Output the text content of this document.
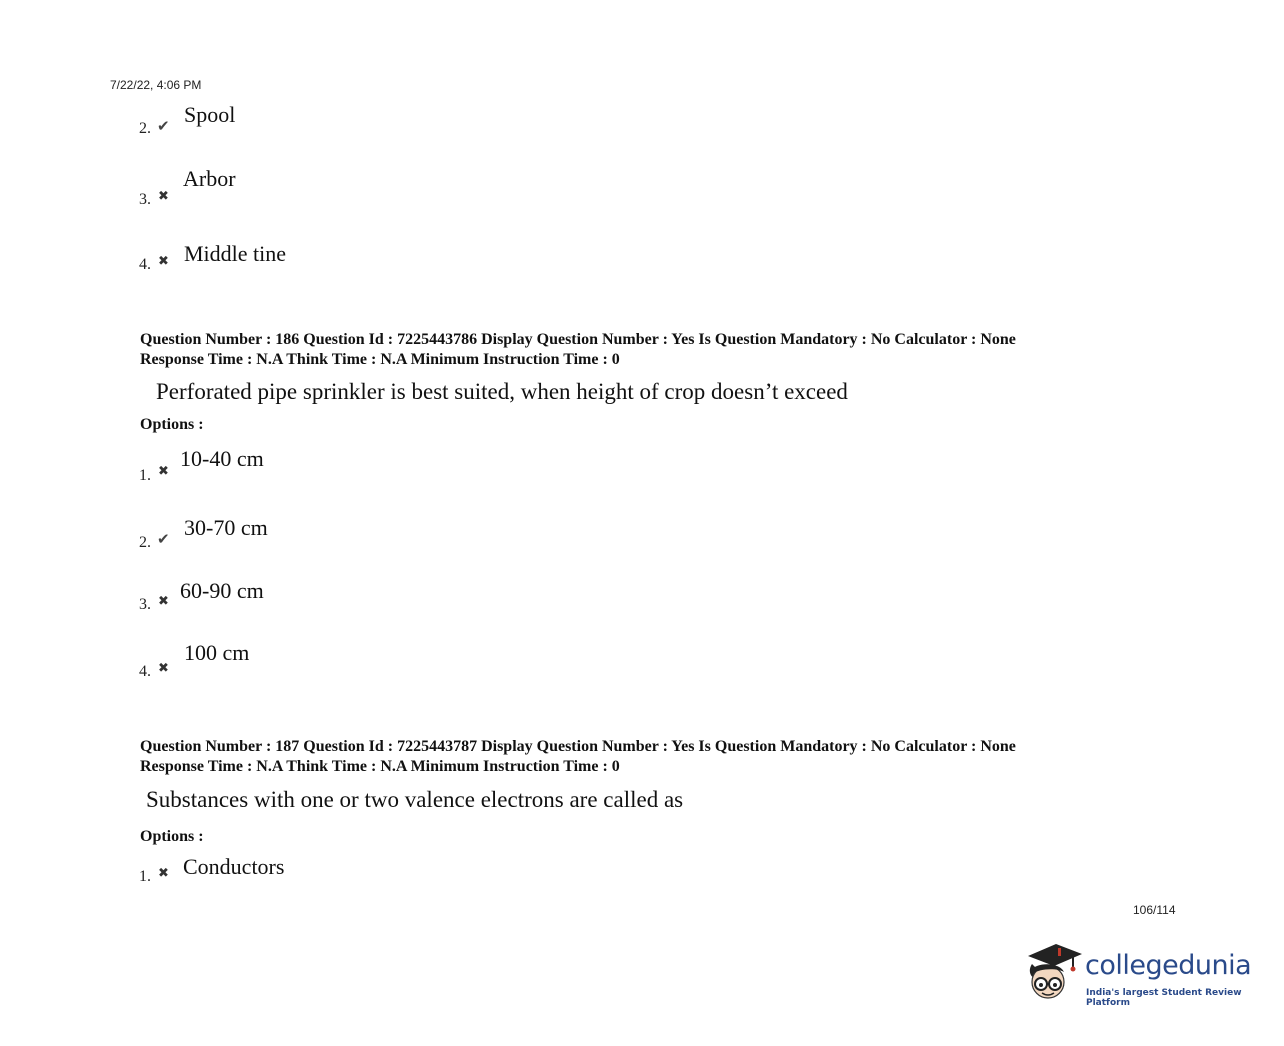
7/22/22, 4:06 PM
2. ✔ Spool
3. ✖
Arbor
4. ✖ Middle tine
Question Number : 186 Question Id : 7225443786 Display Question Number : Yes Is Question Mandatory : No Calculator : None
Response Time : N.A Think Time : N.A Minimum Instruction Time : 0
Perforated pipe sprinkler is best suited, when height of crop doesn’t exceed
Options :
1. ✖
10-40 cm
2. ✔ 30-70 cm
3. ✖ 60-90 cm
4. ✖
100 cm
Question Number : 187 Question Id : 7225443787 Display Question Number : Yes Is Question Mandatory : No Calculator : None
Response Time : N.A Think Time : N.A Minimum Instruction Time : 0
Substances with one or two valence electrons are called as
Options :
1. ✖ Conductors
106/114
collegedunia
India's largest Student Review Platform
